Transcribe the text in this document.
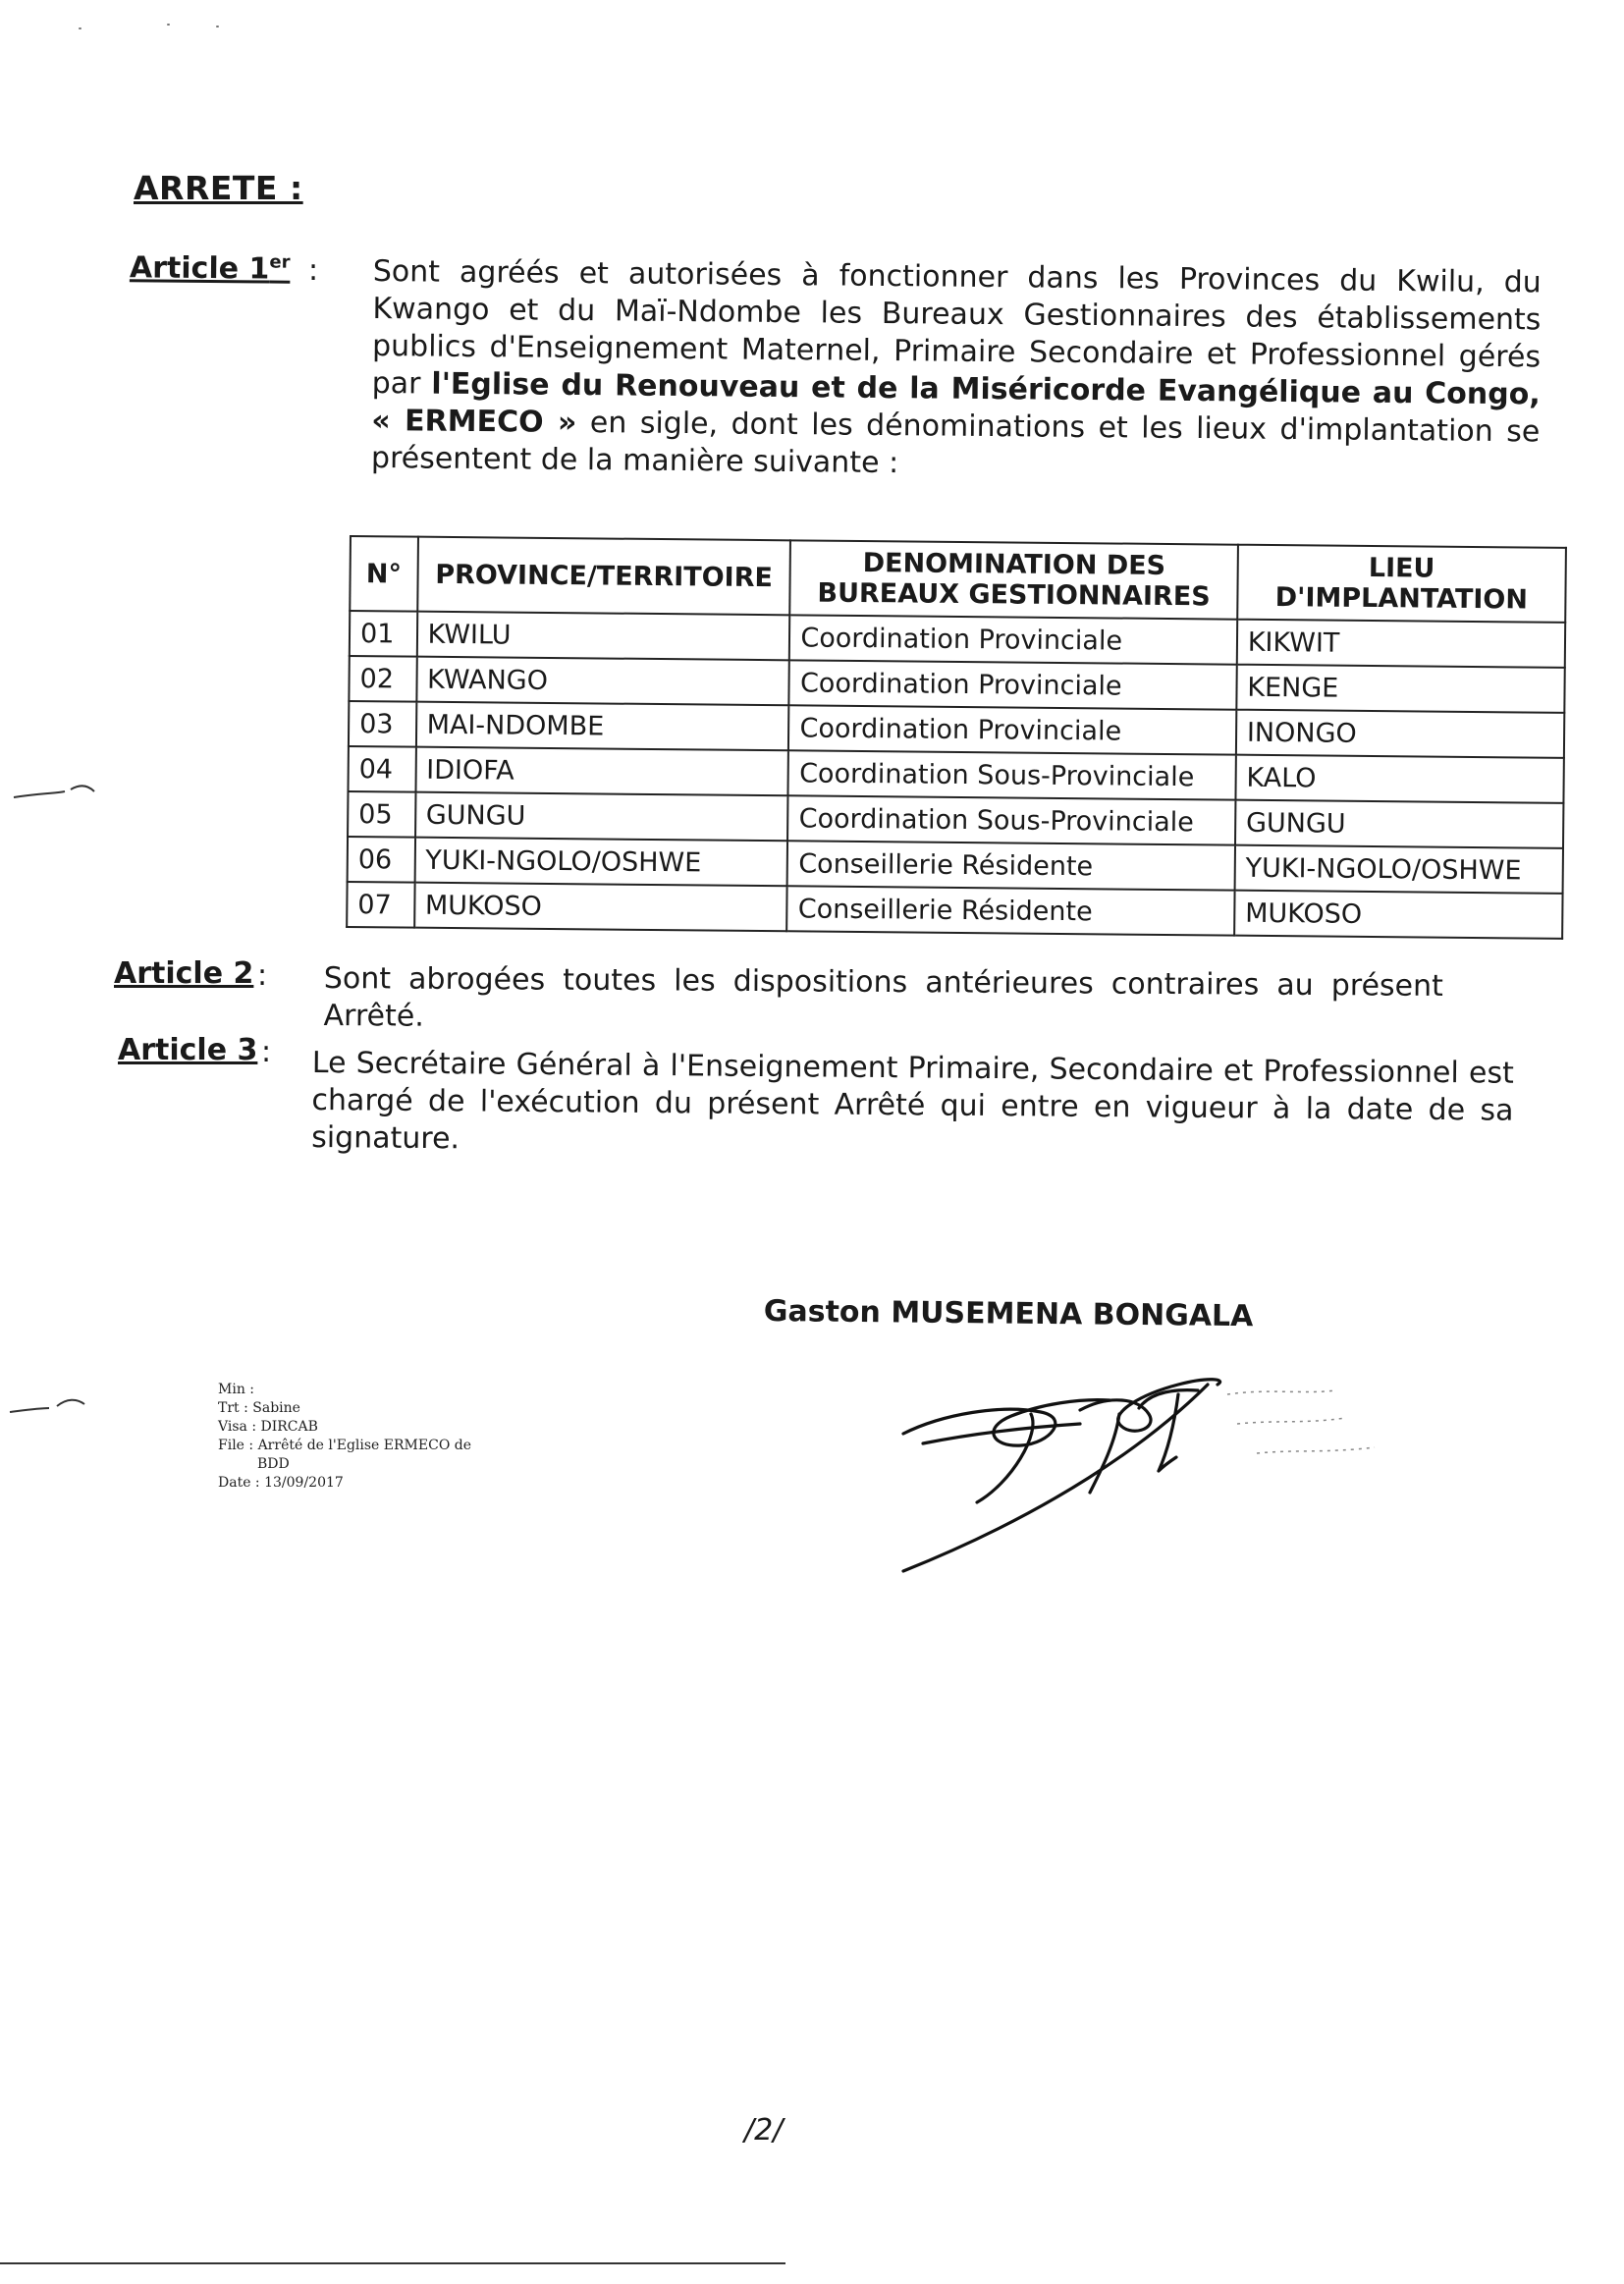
ARRETE :
Article 1er : Sont agréés et autorisées à fonctionner dans les Provinces du Kwilu, du Kwango et du Maï-Ndombe les Bureaux Gestionnaires des établissements publics d'Enseignement Maternel, Primaire Secondaire et Professionnel gérés par l'Eglise du Renouveau et de la Miséricorde Evangélique au Congo, « ERMECO » en sigle, dont les dénominations et les lieux d'implantation se présentent de la manière suivante :
N°	PROVINCE/TERRITOIRE	DENOMINATION DES BUREAUX GESTIONNAIRES	LIEU D'IMPLANTATION
01	KWILU	Coordination Provinciale	KIKWIT
02	KWANGO	Coordination Provinciale	KENGE
03	MAI-NDOMBE	Coordination Provinciale	INONGO
04	IDIOFA	Coordination Sous-Provinciale	KALO
05	GUNGU	Coordination Sous-Provinciale	GUNGU
06	YUKI-NGOLO/OSHWE	Conseillerie Résidente	YUKI-NGOLO/OSHWE
07	MUKOSO	Conseillerie Résidente	MUKOSO
Article 2 : Sont abrogées toutes les dispositions antérieures contraires au présent Arrêté.
Article 3 : Le Secrétaire Général à l'Enseignement Primaire, Secondaire et Professionnel est chargé de l'exécution du présent Arrêté qui entre en vigueur à la date de sa signature.
Gaston MUSEMENA BONGALA
Min :
Trt : Sabine
Visa : DIRCAB
File : Arrêté de l'Eglise ERMECO de
BDD
Date : 13/09/2017
/2/
